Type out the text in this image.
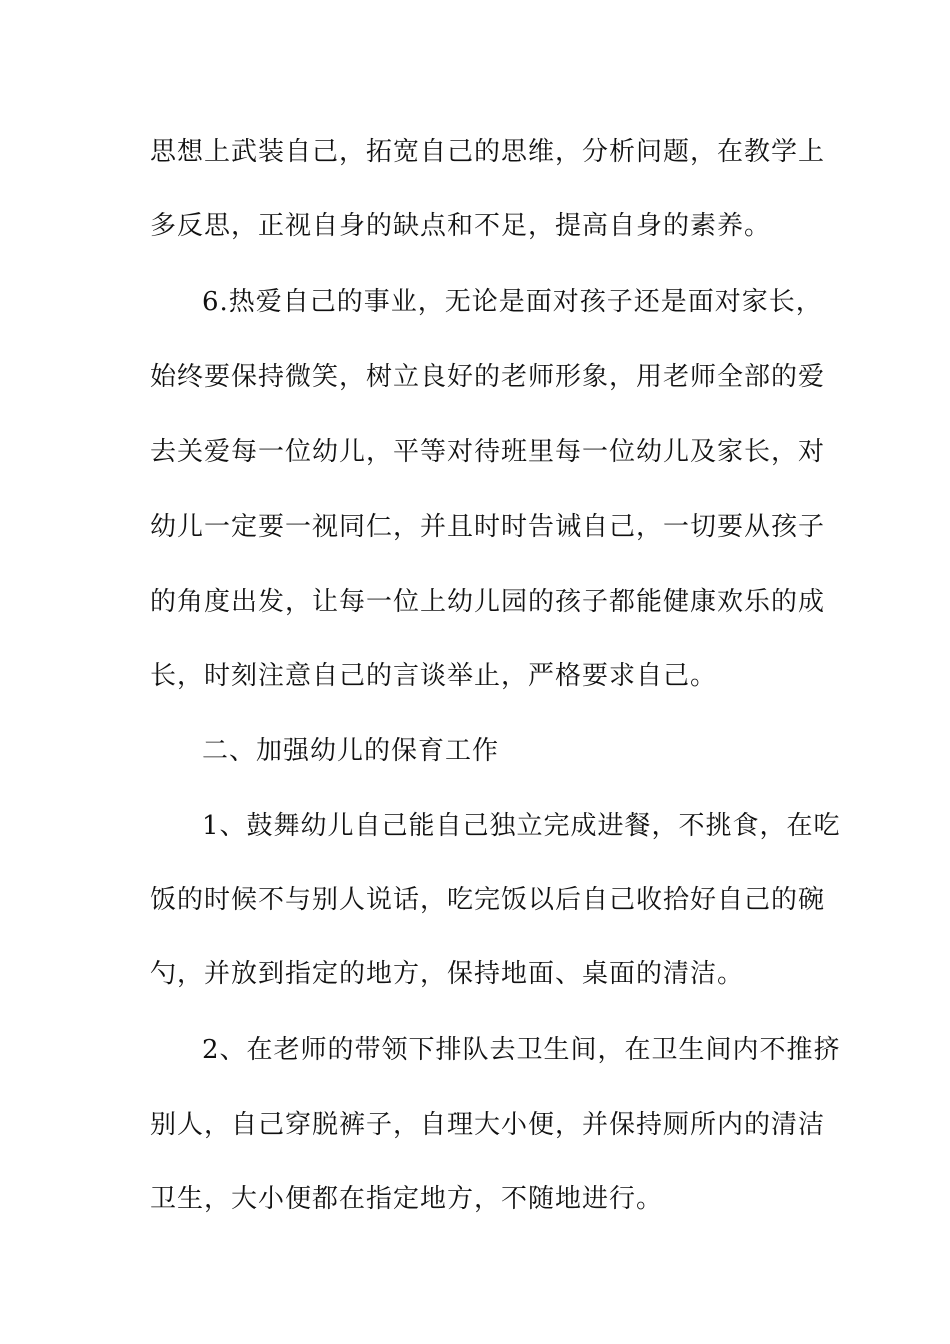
思想上武装自己，拓宽自己的思维，分析问题，在教学上
多反思，正视自身的缺点和不足，提高自身的素养。
6.热爱自己的事业，无论是面对孩子还是面对家长，
始终要保持微笑，树立良好的老师形象，用老师全部的爱
去关爱每一位幼儿，平等对待班里每一位幼儿及家长，对
幼儿一定要一视同仁，并且时时告诫自己，一切要从孩子
的角度出发，让每一位上幼儿园的孩子都能健康欢乐的成
长，时刻注意自己的言谈举止，严格要求自己。
二、加强幼儿的保育工作
1、鼓舞幼儿自己能自己独立完成进餐，不挑食，在吃
饭的时候不与别人说话，吃完饭以后自己收拾好自己的碗
勺，并放到指定的地方，保持地面、桌面的清洁。
2、在老师的带领下排队去卫生间，在卫生间内不推挤
别人，自己穿脱裤子，自理大小便，并保持厕所内的清洁
卫生，大小便都在指定地方，不随地进行。
